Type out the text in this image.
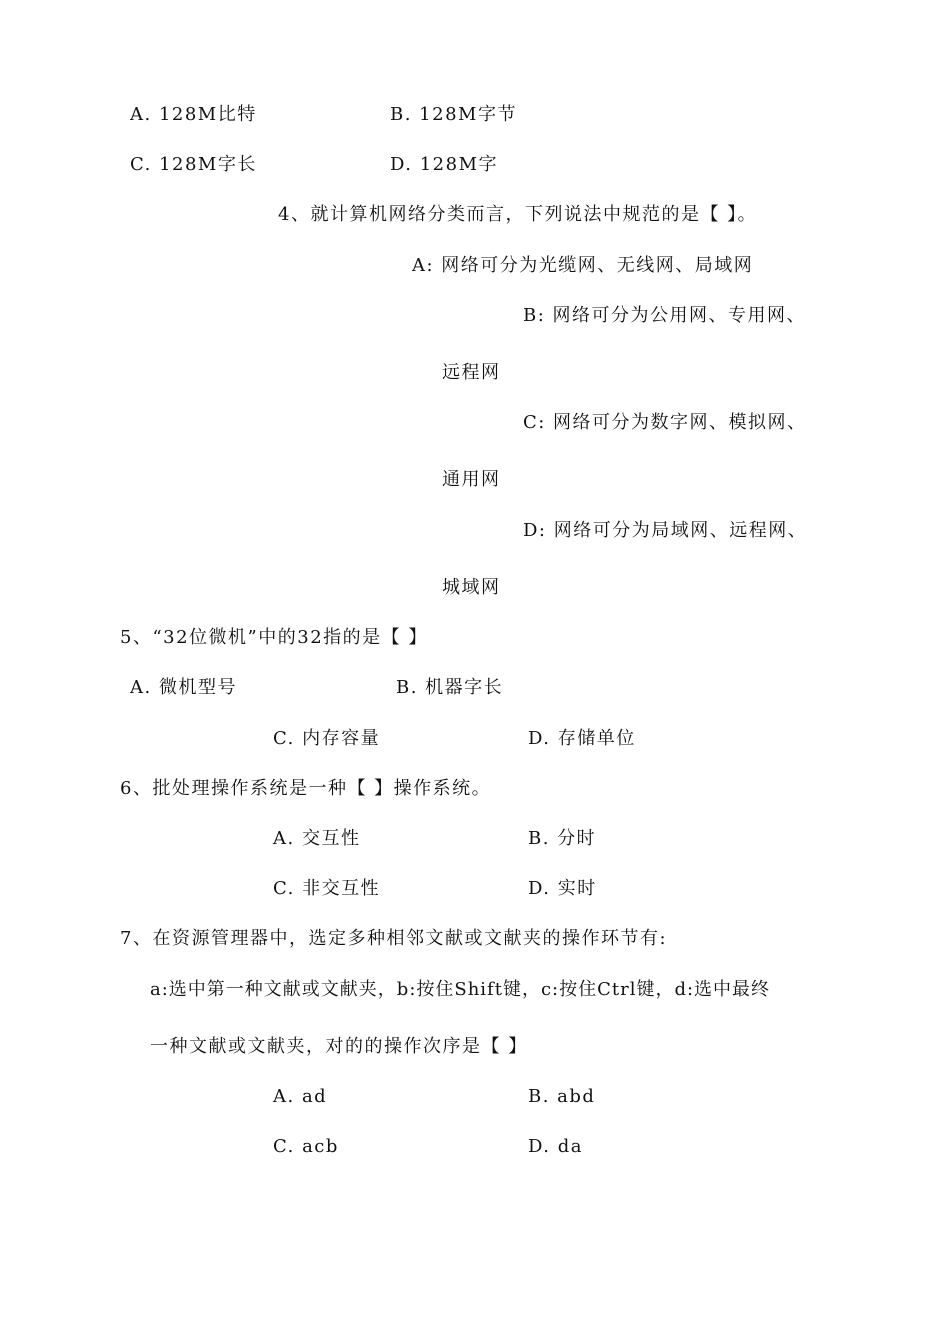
A. 128M比特	B. 128M字节
C. 128M字长	D. 128M字
4、就计算机网络分类而言，下列说法中规范的是【 】。
A: 网络可分为光缆网、无线网、局域网
B: 网络可分为公用网、专用网、
远程网
C: 网络可分为数字网、模拟网、
通用网
D: 网络可分为局域网、远程网、
城域网
5、“32位微机”中的32指的是【 】
A. 微机型号	B. 机器字长
C. 内存容量	D. 存储单位
6、批处理操作系统是一种【 】操作系统。
A. 交互性	B. 分时
C. 非交互性	D. 实时
7、在资源管理器中，选定多种相邻文献或文献夹的操作环节有:
a:选中第一种文献或文献夹，b:按住Shift键，c:按住Ctrl键，d:选中最终
一种文献或文献夹，对的的操作次序是【 】
A. ad	B. abd
C. acb	D. da
